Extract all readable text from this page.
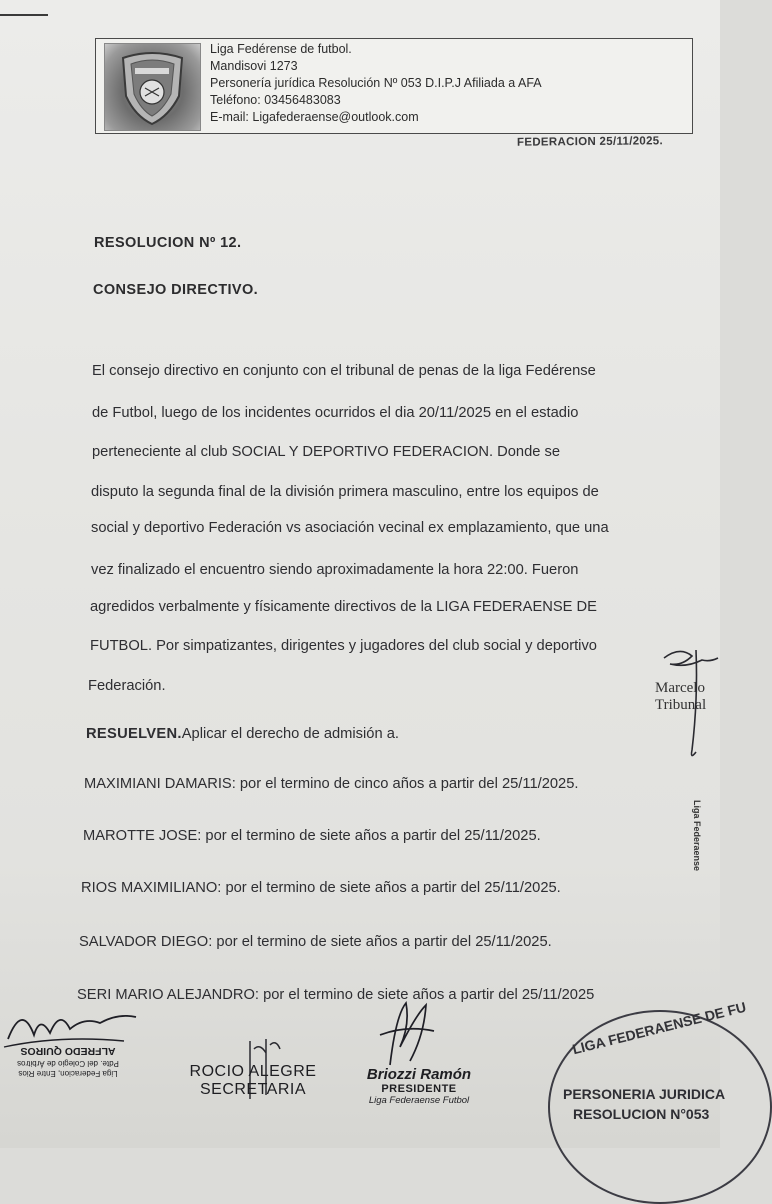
Liga Fedérense de futbol.
Mandisovi 1273
Personería jurídica Resolución Nº 053 D.I.P.J Afiliada a AFA
Teléfono: 03456483083
E-mail: Ligafederaense@outlook.com
FEDERACION 25/11/2025.
RESOLUCION Nº 12.
CONSEJO DIRECTIVO.
El consejo directivo en conjunto con el tribunal de penas de la liga Fedérense
de Futbol, luego de los incidentes ocurridos el dia 20/11/2025 en el estadio
perteneciente al club SOCIAL Y DEPORTIVO FEDERACION. Donde se
disputo la segunda final de la división primera masculino, entre los equipos de
social y deportivo Federación vs asociación vecinal ex emplazamiento, que una
vez finalizado el encuentro siendo aproximadamente la hora 22:00. Fueron
agredidos verbalmente y físicamente directivos de la LIGA FEDERAENSE DE
FUTBOL. Por simpatizantes, dirigentes y jugadores del club social y deportivo
Federación.
RESUELVEN.Aplicar el derecho de admisión a.
MAXIMIANI DAMARIS: por el termino de cinco años a partir del 25/11/2025.
MAROTTE JOSE: por el termino de siete años a partir del 25/11/2025.
RIOS MAXIMILIANO: por el termino de siete años a partir del 25/11/2025.
SALVADOR DIEGO: por el termino de siete años a partir del 25/11/2025.
SERI MARIO ALEJANDRO: por el termino de siete años a partir del 25/11/2025
Marcelo
Tribunal
Liga Federaense
Liga Federacion, Entre Rios
Pdte. del Colegio de Árbitros
ALFREDO QUIROS
ROCIO ALEGRE
SECRETARIA
Briozzi Ramón
PRESIDENTE
Liga Federaense Futbol
LIGA FEDERAENSE DE FU
PERSONERIA JURIDICA
RESOLUCION N°053
